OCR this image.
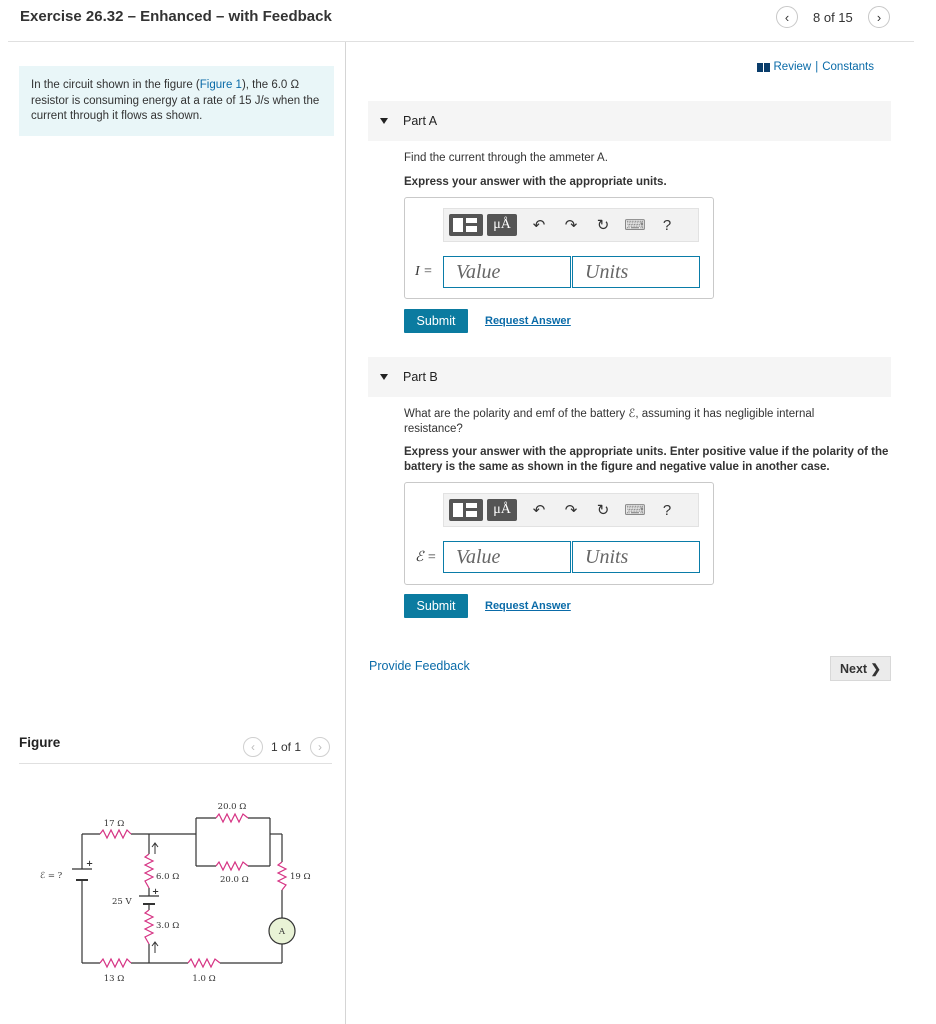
Exercise 26.32 – Enhanced – with Feedback	‹ 8 of 15 ›
In the circuit shown in the figure (Figure 1), the 6.0 Ω resistor is consuming energy at a rate of 15 J/s when the current through it flows as shown.
Review | Constants
Part A
Find the current through the ammeter A.
Express your answer with the appropriate units.
μÅ	↶	↷	↻ ⌨	?
I =	Value	Units
Submit	Request Answer
Part B
What are the polarity and emf of the battery ℰ, assuming it has negligible internal resistance?
Express your answer with the appropriate units. Enter positive value if the polarity of the battery is the same as shown in the figure and negative value in another case.
μÅ	↶	↷	↻ ⌨	?
ℰ = Value	Units
Submit	Request Answer
Provide Feedback	Next ❯
Figure	‹ 1 of 1 ›
A
20.0 Ω
17 Ω
ℰ = ?	6.0 Ω	20.0 Ω	19 Ω
25 V
3.0 Ω
13 Ω	1.0 Ω
+
+
